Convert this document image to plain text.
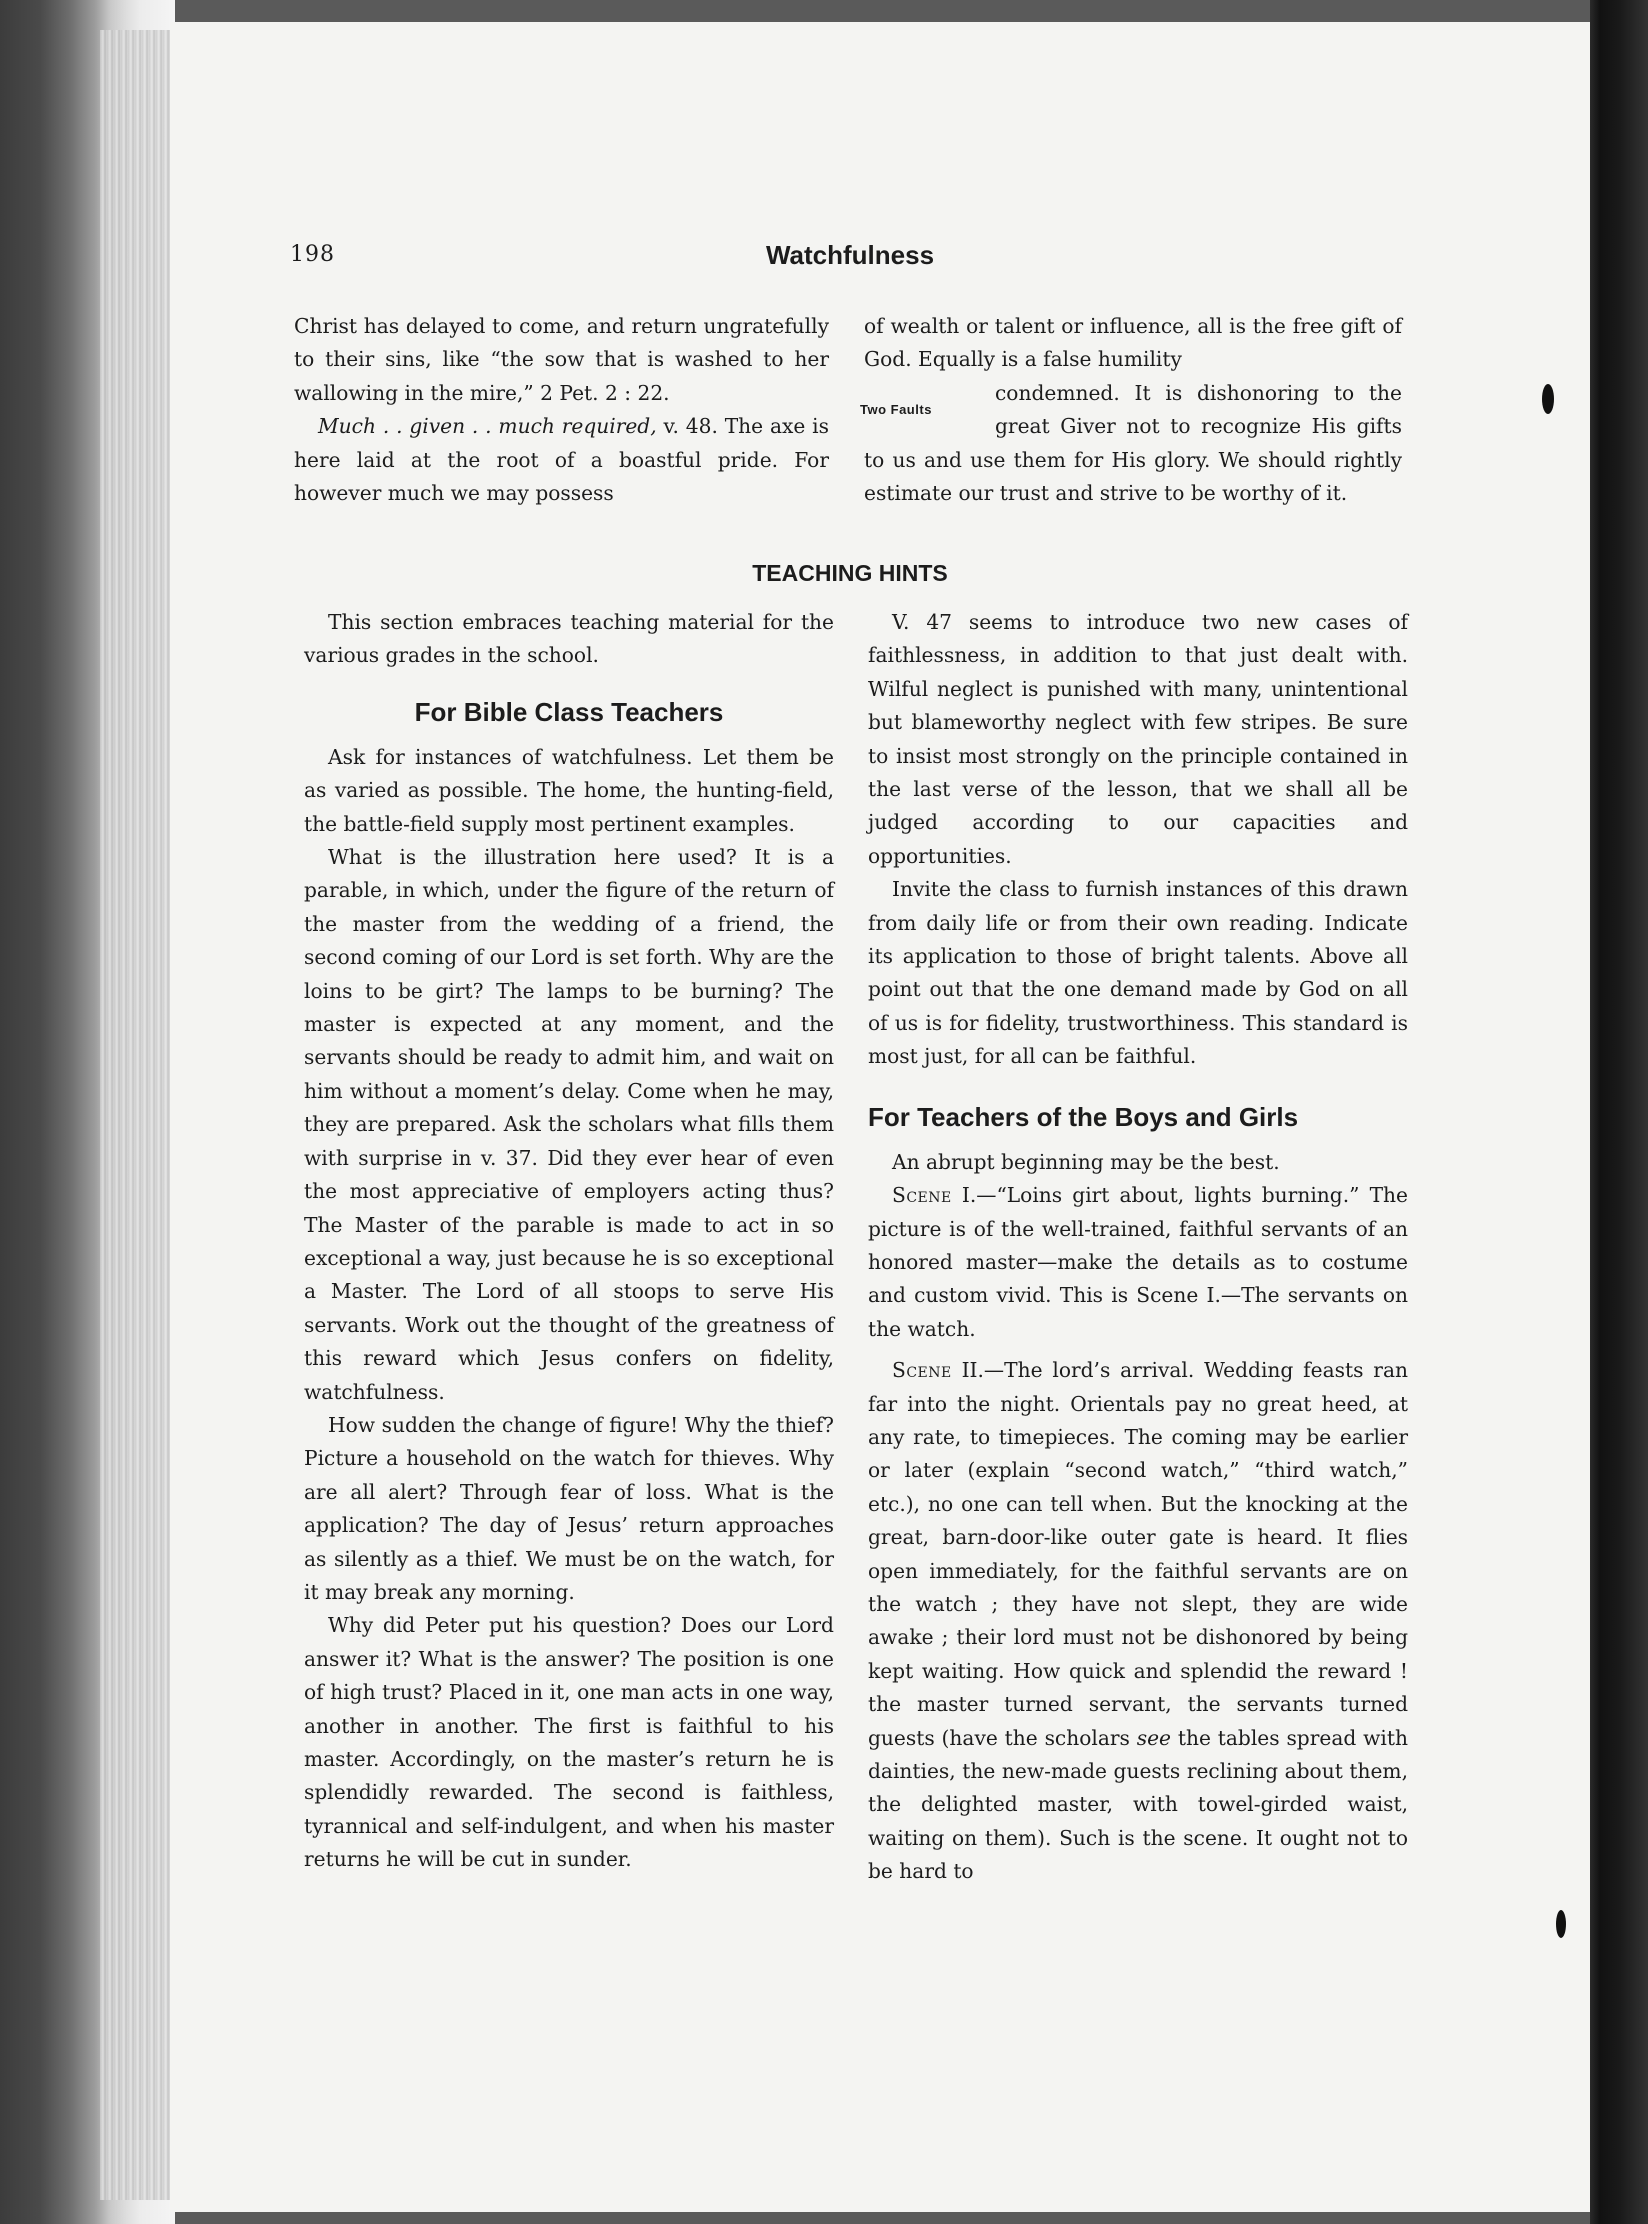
198	Watchfulness

Christ has delayed to come, and return ungratefully to their sins, like “the sow that is washed to her wallowing in the mire,” 2 Pet. 2 : 22.

Much . . given . . much required, v. 48. The axe is here laid at the root of a boastful pride. For however much we may possess

of wealth or talent or influence, all is the free gift of God. Equally is a false humility

Two Faults
condemned. It is dishonoring to the great Giver not to recognize His gifts to us and use them for His glory. We should rightly estimate our trust and strive to be worthy of it.

TEACHING HINTS

This section embraces teaching material for the various grades in the school.

For Bible Class Teachers

Ask for instances of watchfulness. Let them be as varied as possible. The home, the hunting-field, the battle-field supply most pertinent examples.

What is the illustration here used? It is a parable, in which, under the figure of the return of the master from the wedding of a friend, the second coming of our Lord is set forth. Why are the loins to be girt? The lamps to be burning? The master is expected at any moment, and the servants should be ready to admit him, and wait on him without a moment’s delay. Come when he may, they are prepared. Ask the scholars what fills them with surprise in v. 37. Did they ever hear of even the most appreciative of employers acting thus? The Master of the parable is made to act in so exceptional a way, just because he is so exceptional a Master. The Lord of all stoops to serve His servants. Work out the thought of the greatness of this reward which Jesus confers on fidelity, watchfulness.

How sudden the change of figure! Why the thief? Picture a household on the watch for thieves. Why are all alert? Through fear of loss. What is the application? The day of Jesus’ return approaches as silently as a thief. We must be on the watch, for it may break any morning.

Why did Peter put his question? Does our Lord answer it? What is the answer? The position is one of high trust? Placed in it, one man acts in one way, another in another. The first is faithful to his master. Accordingly, on the master’s return he is splendidly rewarded. The second is faithless, tyrannical and self-indulgent, and when his master returns he will be cut in sunder.

V. 47 seems to introduce two new cases of faithlessness, in addition to that just dealt with. Wilful neglect is punished with many, unintentional but blameworthy neglect with few stripes. Be sure to insist most strongly on the principle contained in the last verse of the lesson, that we shall all be judged according to our capacities and opportunities.

Invite the class to furnish instances of this drawn from daily life or from their own reading. Indicate its application to those of bright talents. Above all point out that the one demand made by God on all of us is for fidelity, trustworthiness. This standard is most just, for all can be faithful.

For Teachers of the Boys and Girls

An abrupt beginning may be the best.

Scene I.—“Loins girt about, lights burning.” The picture is of the well-trained, faithful servants of an honored master—make the details as to costume and custom vivid. This is Scene I.—The servants on the watch.

Scene II.—The lord’s arrival. Wedding feasts ran far into the night. Orientals pay no great heed, at any rate, to timepieces. The coming may be earlier or later (explain “second watch,” “third watch,” etc.), no one can tell when. But the knocking at the great, barn-door-like outer gate is heard. It flies open immediately, for the faithful servants are on the watch ; they have not slept, they are wide awake ; their lord must not be dishonored by being kept waiting. How quick and splendid the reward ! the master turned servant, the servants turned guests (have the scholars see the tables spread with dainties, the new-made guests reclining about them, the delighted master, with towel-girded waist, waiting on them). Such is the scene. It ought not to be hard to
